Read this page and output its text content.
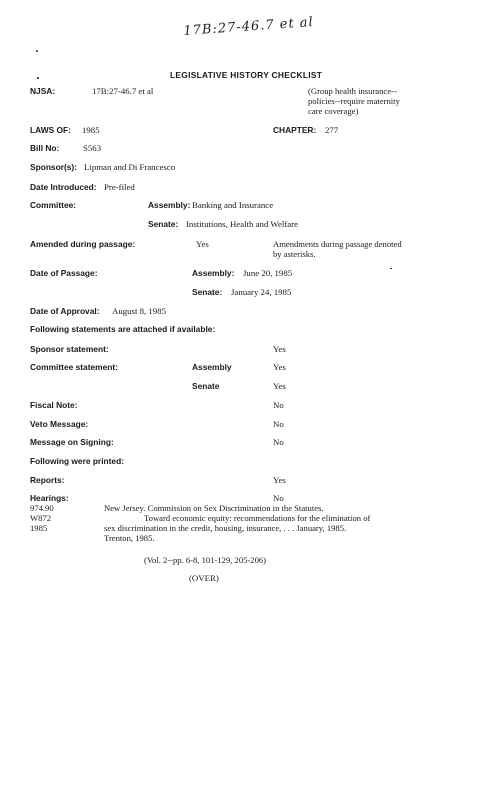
17B:27-46.7 et al
LEGISLATIVE HISTORY CHECKLIST
NJSA:	17B:27-46.7 et al	(Group health insurance--
policies--require maternity
care coverage)
LAWS OF: 1985	CHAPTER: 277
Bill No:	S563
Sponsor(s): Lipman and Di Francesco
Date Introduced: Pre-filed
Committee:	Assembly: Banking and Insurance
Senate: Institutions, Health and Welfare
Amended during passage:	Yes	Amendments during passage denoted
by asterisks.
Date of Passage:	Assembly: June 20, 1985
Senate: January 24, 1985
Date of Approval: August 8, 1985
Following statements are attached if available:
Sponsor statement:	Yes
Committee statement:	Assembly	Yes
Senate	Yes
Fiscal Note:	No
Veto Message:	No
Message on Signing:	No
Following were printed:
Reports:	Yes
Hearings:	No
974.90
W872
1985
New Jersey. Commission on Sex Discrimination in the Statutes.
Toward economic equity: recommendations for the elimination of
sex discrimination in the credit, housing, insurance, . . . January, 1985.
Trenton, 1985.
(Vol. 2--pp. 6-8, 101-129, 205-206)
(OVER)
